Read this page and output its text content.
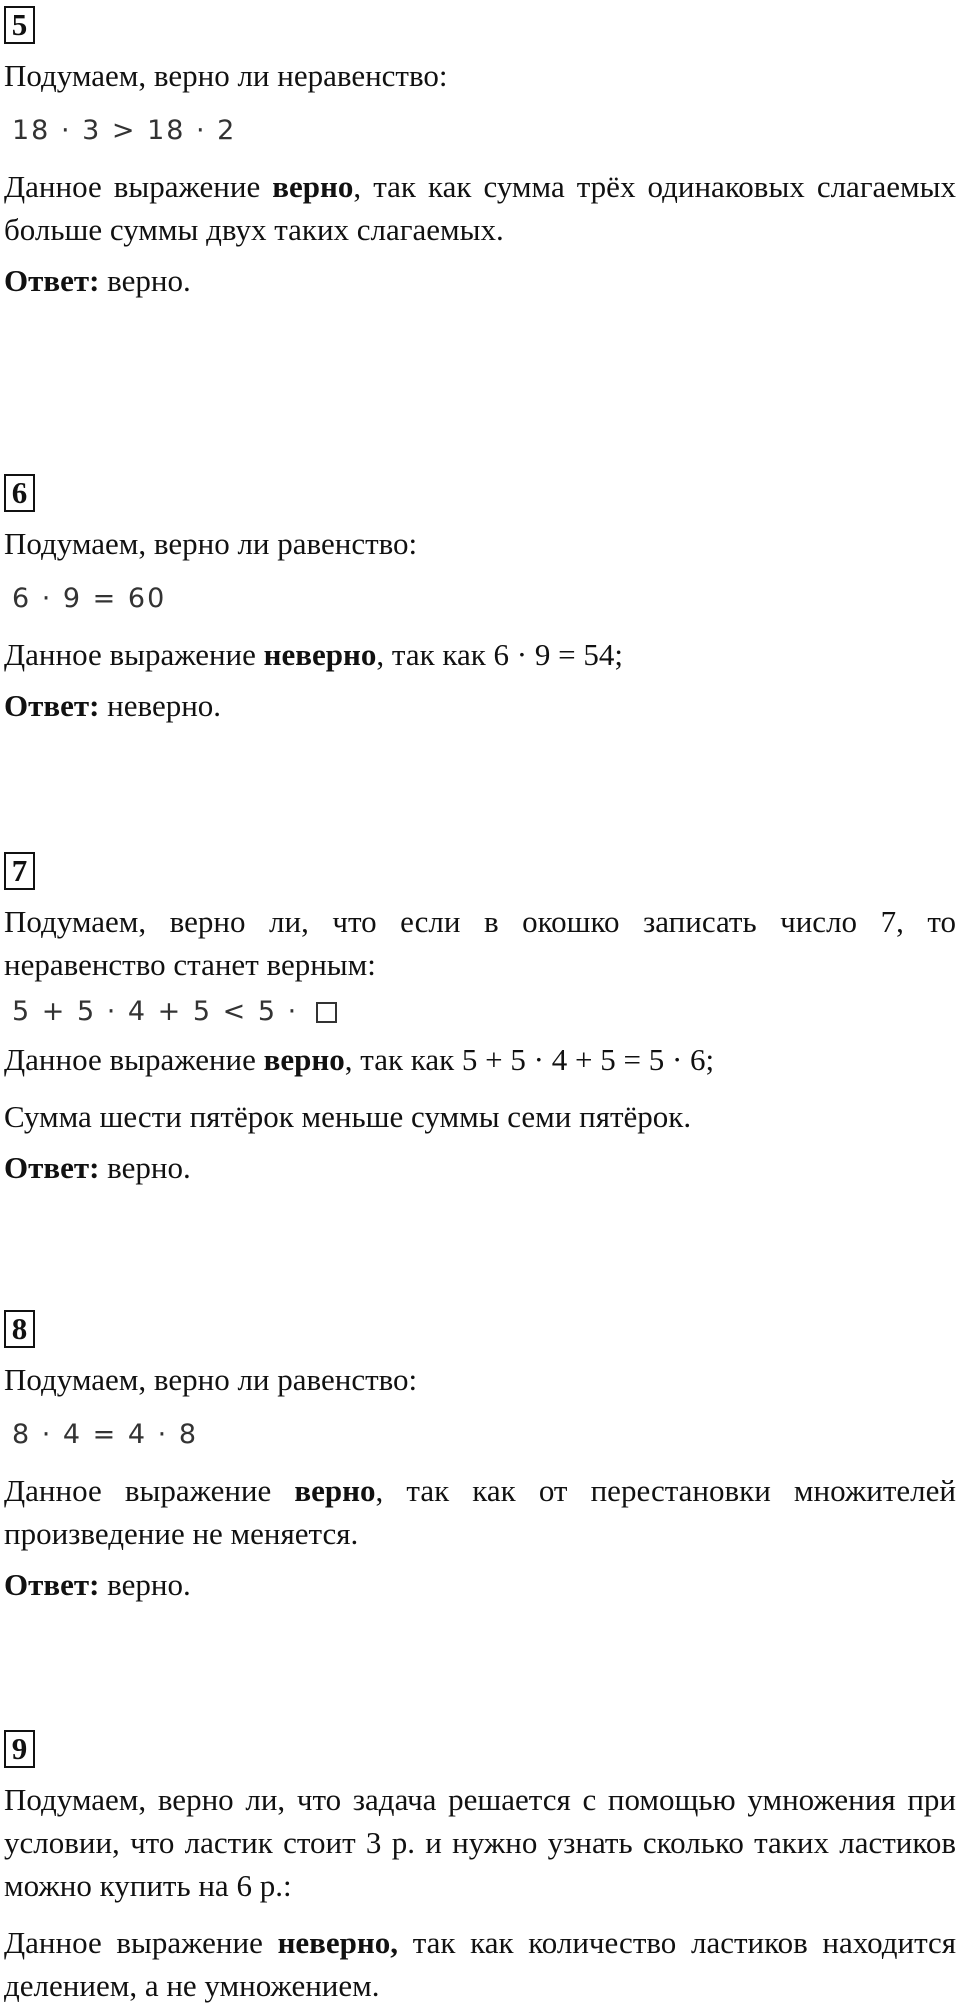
5

Подумаем, верно ли неравенство:

18 · 3 > 18 · 2

Данное выражение верно, так как сумма трёх одинаковых слагаемых больше суммы двух таких слагаемых.

Ответ: верно.
6

Подумаем, верно ли равенство:

6 · 9 = 60

Данное выражение неверно, так как 6 · 9 = 54;

Ответ: неверно.
7

Подумаем, верно ли, что если в окошко записать число 7, то неравенство станет верным:

5 + 5 · 4 + 5 < 5 ·

Данное выражение верно, так как 5 + 5 · 4 + 5 = 5 · 6;

Сумма шести пятёрок меньше суммы семи пятёрок.

Ответ: верно.
8

Подумаем, верно ли равенство:

8 · 4 = 4 · 8

Данное выражение верно, так как от перестановки множителей произведение не меняется.

Ответ: верно.
9

Подумаем, верно ли, что задача решается с помощью умножения при условии, что ластик стоит 3 р. и нужно узнать сколько таких ластиков можно купить на 6 р.:

Данное выражение неверно, так как количество ластиков находится делением, а не умножением.
